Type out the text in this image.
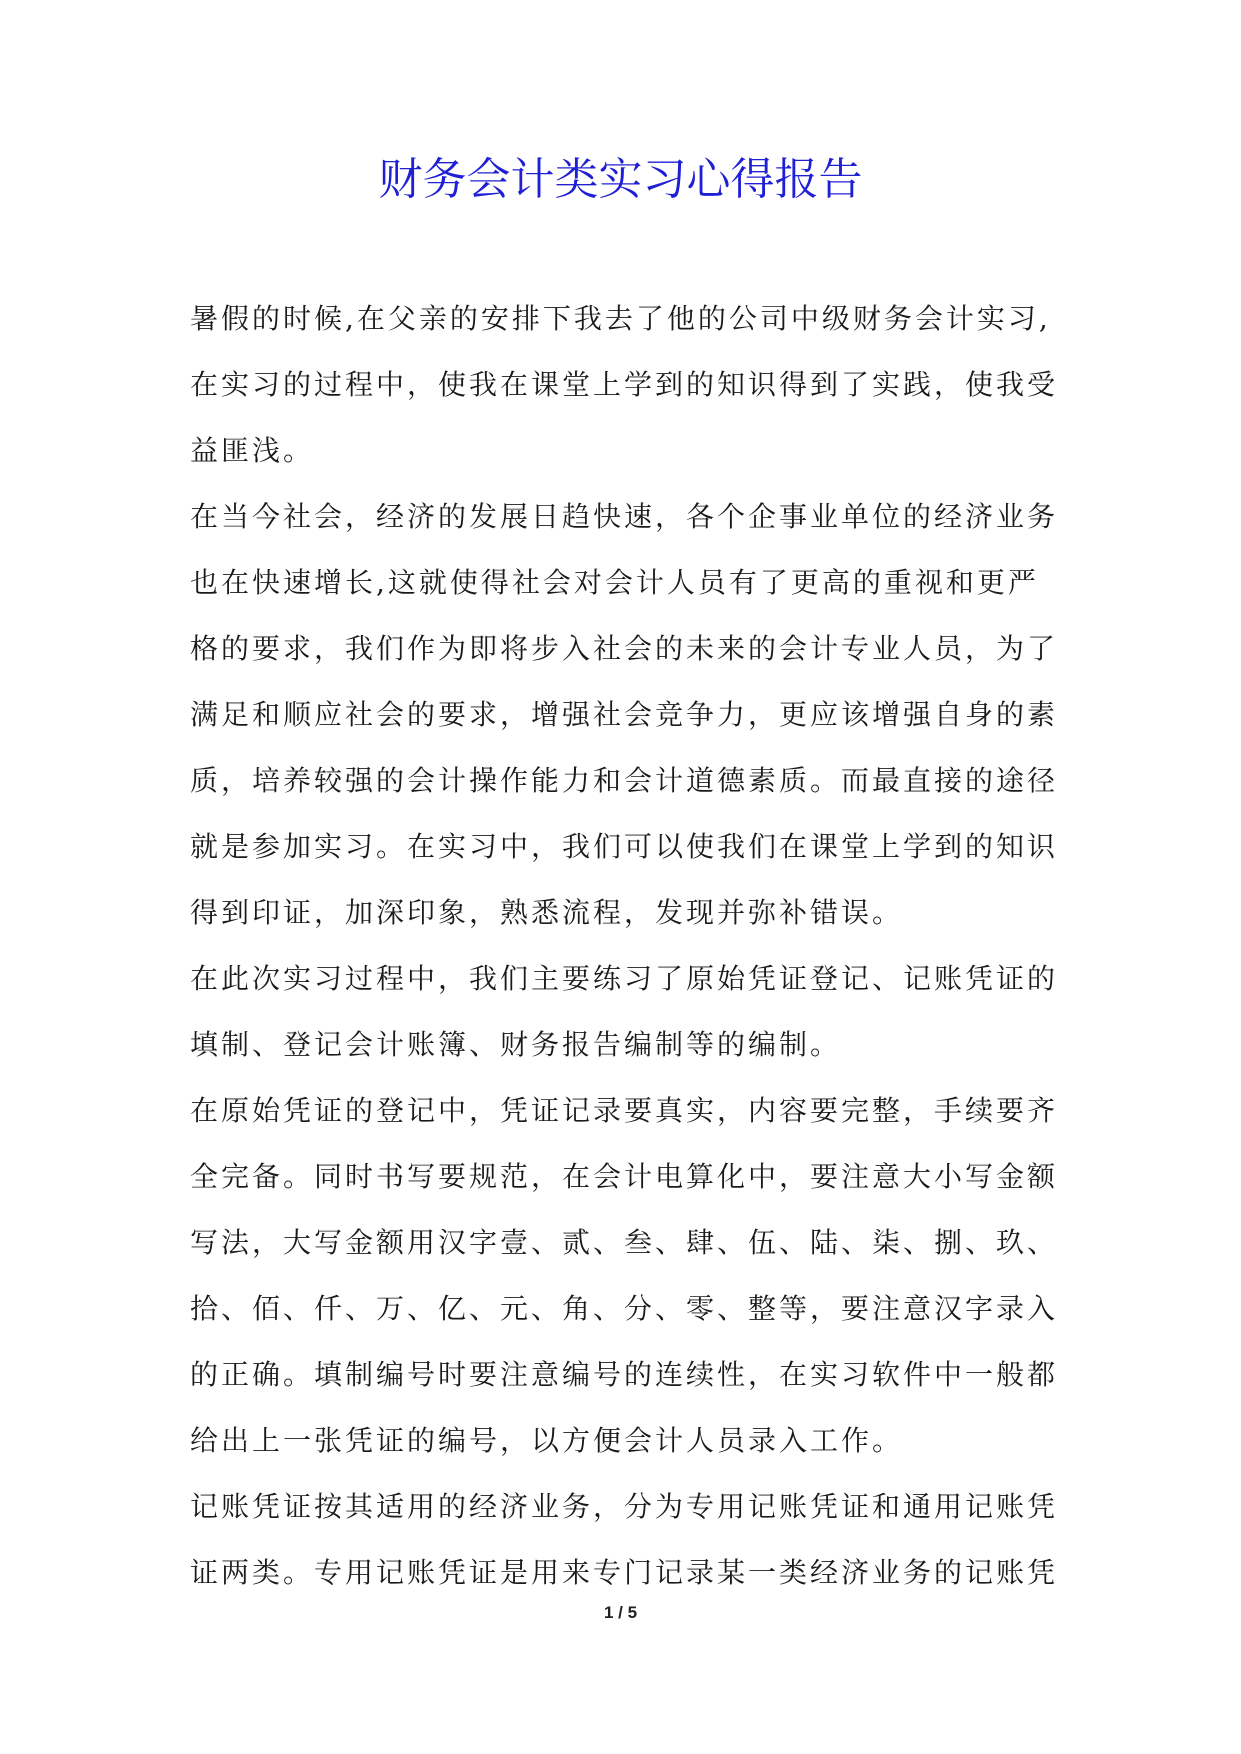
财务会计类实习心得报告
暑假的时候,在父亲的安排下我去了他的公司中级财务会计实习,
在实习的过程中，使我在课堂上学到的知识得到了实践，使我受
益匪浅。
在当今社会，经济的发展日趋快速，各个企事业单位的经济业务
也在快速增长,这就使得社会对会计人员有了更高的重视和更严
格的要求，我们作为即将步入社会的未来的会计专业人员，为了
满足和顺应社会的要求，增强社会竞争力，更应该增强自身的素
质，培养较强的会计操作能力和会计道德素质。而最直接的途径
就是参加实习。在实习中，我们可以使我们在课堂上学到的知识
得到印证，加深印象，熟悉流程，发现并弥补错误。
在此次实习过程中，我们主要练习了原始凭证登记、记账凭证的
填制、登记会计账簿、财务报告编制等的编制。
在原始凭证的登记中，凭证记录要真实，内容要完整，手续要齐
全完备。同时书写要规范，在会计电算化中，要注意大小写金额
写法，大写金额用汉字壹、贰、叁、肆、伍、陆、柒、捌、玖、
拾、佰、仟、万、亿、元、角、分、零、整等，要注意汉字录入
的正确。填制编号时要注意编号的连续性，在实习软件中一般都
给出上一张凭证的编号，以方便会计人员录入工作。
记账凭证按其适用的经济业务，分为专用记账凭证和通用记账凭
证两类。专用记账凭证是用来专门记录某一类经济业务的记账凭
1 / 5
